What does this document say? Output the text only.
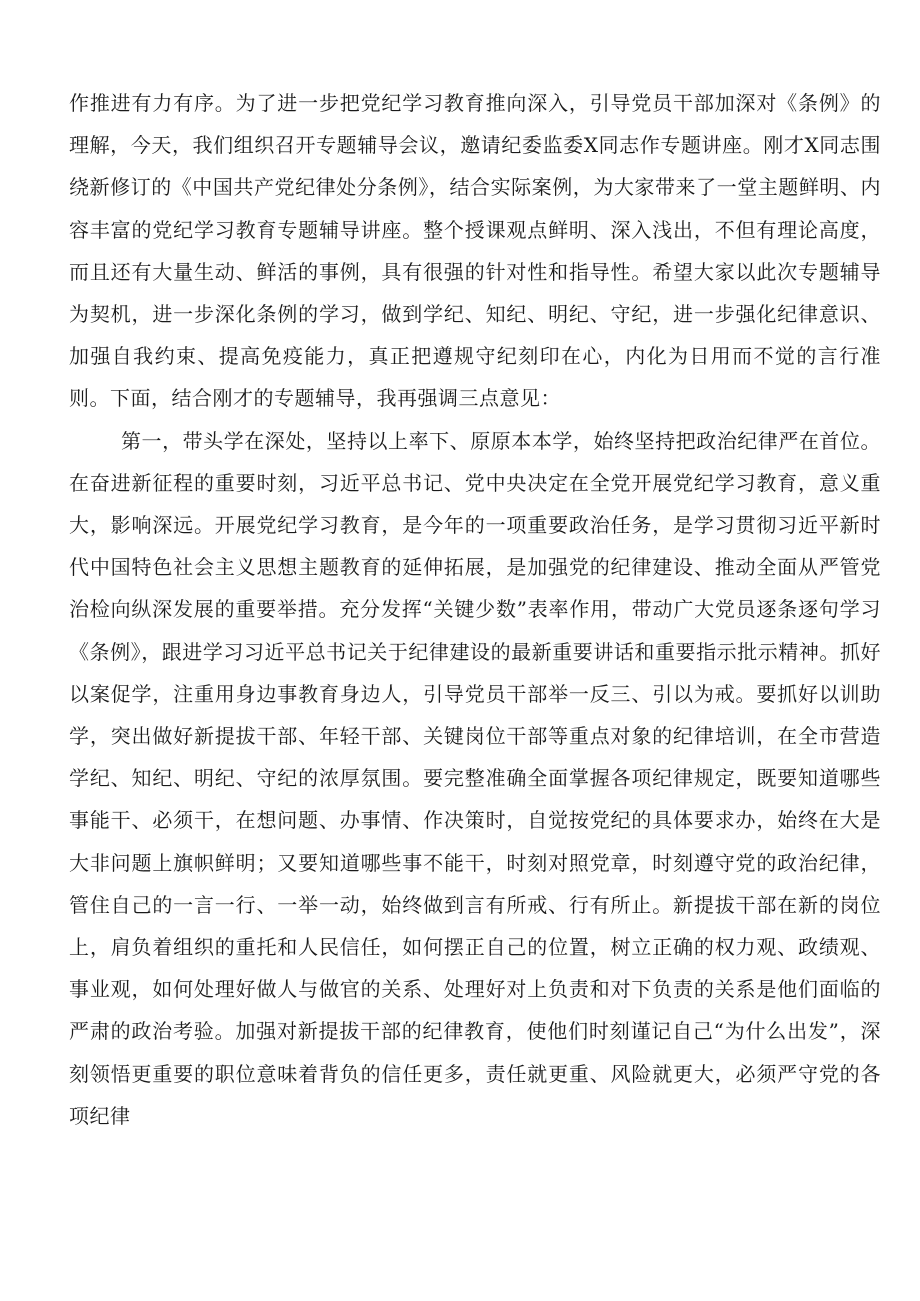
作推进有力有序。为了进一步把党纪学习教育推向深入，引导党员干部加深对《条例》的理解，今天，我们组织召开专题辅导会议，邀请纪委监委X同志作专题讲座。刚才X同志围绕新修订的《中国共产党纪律处分条例》，结合实际案例，为大家带来了一堂主题鲜明、内容丰富的党纪学习教育专题辅导讲座。整个授课观点鲜明、深入浅出，不但有理论高度，而且还有大量生动、鲜活的事例，具有很强的针对性和指导性。希望大家以此次专题辅导为契机，进一步深化条例的学习，做到学纪、知纪、明纪、守纪，进一步强化纪律意识、加强自我约束、提高免疫能力，真正把遵规守纪刻印在心，内化为日用而不觉的言行准则。下面，结合刚才的专题辅导，我再强调三点意见：

第一，带头学在深处，坚持以上率下、原原本本学，始终坚持把政治纪律严在首位。在奋进新征程的重要时刻，习近平总书记、党中央决定在全党开展党纪学习教育，意义重大，影响深远。开展党纪学习教育，是今年的一项重要政治任务，是学习贯彻习近平新时代中国特色社会主义思想主题教育的延伸拓展，是加强党的纪律建设、推动全面从严管党治检向纵深发展的重要举措。充分发挥“关键少数”表率作用，带动广大党员逐条逐句学习《条例》，跟进学习习近平总书记关于纪律建设的最新重要讲话和重要指示批示精神。抓好以案促学，注重用身边事教育身边人，引导党员干部举一反三、引以为戒。要抓好以训助学，突出做好新提拔干部、年轻干部、关键岗位干部等重点对象的纪律培训，在全市营造学纪、知纪、明纪、守纪的浓厚氛围。要完整准确全面掌握各项纪律规定，既要知道哪些事能干、必须干，在想问题、办事情、作决策时，自觉按党纪的具体要求办，始终在大是大非问题上旗帜鲜明；又要知道哪些事不能干，时刻对照党章，时刻遵守党的政治纪律，管住自己的一言一行、一举一动，始终做到言有所戒、行有所止。新提拔干部在新的岗位上，肩负着组织的重托和人民信任，如何摆正自己的位置，树立正确的权力观、政绩观、事业观，如何处理好做人与做官的关系、处理好对上负责和对下负责的关系是他们面临的严肃的政治考验。加强对新提拔干部的纪律教育，使他们时刻谨记自己“为什么出发”，深刻领悟更重要的职位意味着背负的信任更多，责任就更重、风险就更大，必须严守党的各项纪律
